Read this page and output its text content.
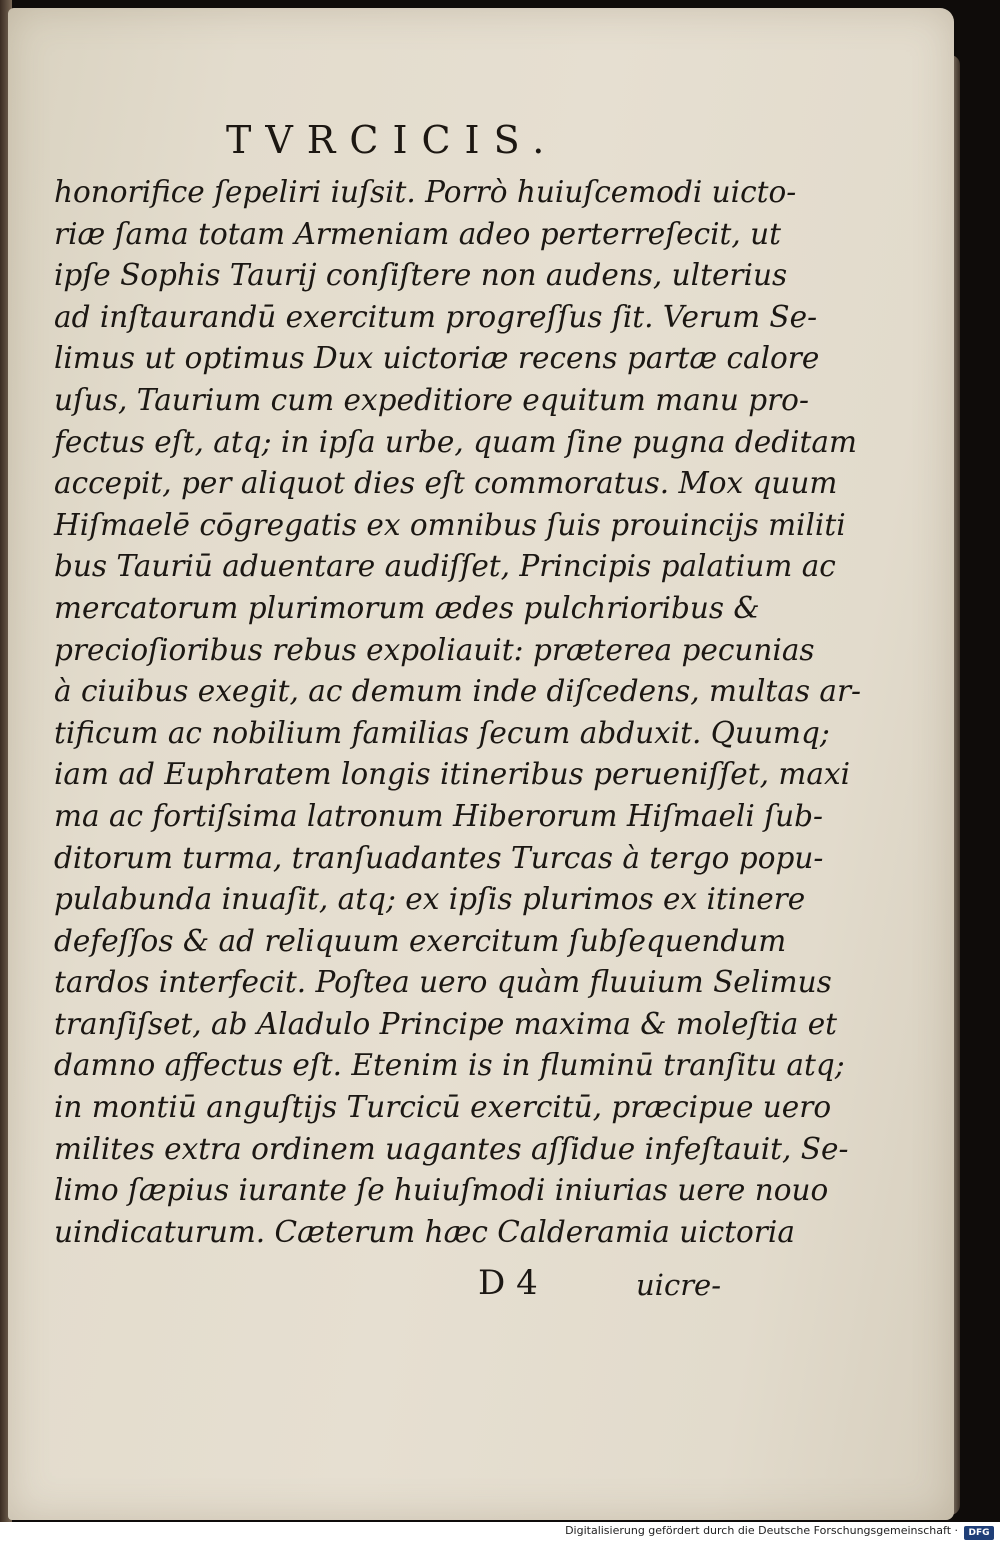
TVRCICIS.
honorifice ſepeliri iuſsit. Porrò huiuſcemodi uicto-
riæ ſama totam Armeniam adeo perterreſecit, ut
ipſe Sophis Taurij conſiſtere non audens, ulterius
ad inſtaurandū exercitum progreſſus ſit. Verum Se-
limus ut optimus Dux uictoriæ recens partæ calore
uſus, Taurium cum expeditiore equitum manu pro-
fectus eſt, atq; in ipſa urbe, quam ſine pugna deditam
accepit, per aliquot dies eſt commoratus. Mox quum
Hiſmaelē cōgregatis ex omnibus ſuis prouincijs militi
bus Tauriū aduentare audiſſet, Principis palatium ac
mercatorum plurimorum ædes pulchrioribus &
precioſioribus rebus expoliauit: præterea pecunias
à ciuibus exegit, ac demum inde diſcedens, multas ar-
tificum ac nobilium familias ſecum abduxit. Quumq;
iam ad Euphratem longis itineribus perueniſſet, maxi
ma ac fortiſsima latronum Hiberorum Hiſmaeli ſub-
ditorum turma, tranſuadantes Turcas à tergo popu-
pulabunda inuaſit, atq; ex ipſis plurimos ex itinere
defeſſos & ad reliquum exercitum ſubſequendum
tardos interfecit. Poſtea uero quàm fluuium Selimus
tranſiſset, ab Aladulo Principe maxima & moleſtia et
damno affectus eſt. Etenim is in fluminū tranſitu atq;
in montiū anguſtijs Turcicū exercitū, præcipue uero
milites extra ordinem uagantes aſſidue infeſtauit, Se-
limo ſæpius iurante ſe huiuſmodi iniurias uere nouo
uindicaturum. Cæterum hæc Calderamia uictoria
D 4	uicre-
Digitalisierung gefördert durch die Deutsche Forschungsgemeinschaft ·	DFG
